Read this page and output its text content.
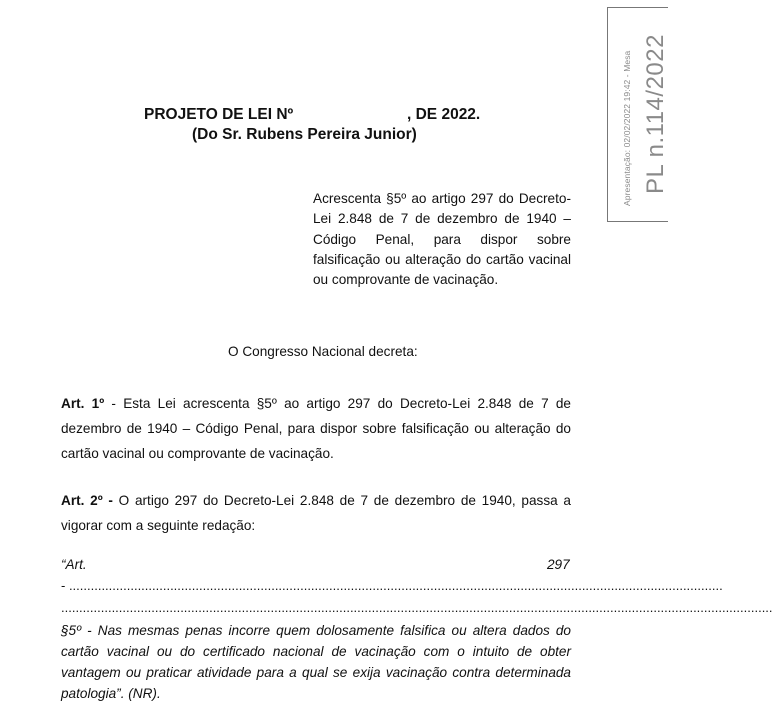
Apresentação: 02/02/2022 19:42 - Mesa PL n.114/2022
PROJETO DE LEI Nº	, DE 2022.
(Do Sr. Rubens Pereira Junior)

Acrescenta §5º ao artigo 297 do Decreto-Lei 2.848 de 7 de dezembro de 1940 – Código Penal, para dispor sobre falsificação ou alteração do cartão vacinal ou comprovante de vacinação.

O Congresso Nacional decreta:

Art. 1º - Esta Lei acrescenta §5º ao artigo 297 do Decreto-Lei 2.848 de 7 de dezembro de 1940 – Código Penal, para dispor sobre falsificação ou alteração do cartão vacinal ou comprovante de vacinação.

Art. 2º - O artigo 297 do Decreto-Lei 2.848 de 7 de dezembro de 1940, passa a vigorar com a seguinte redação:

“Art.	297
- .....................................................................................................................................................................................
.....................................................................................................................................................................................................

§5º - Nas mesmas penas incorre quem dolosamente falsifica ou altera dados do cartão vacinal ou do certificado nacional de vacinação com o intuito de obter vantagem ou praticar atividade para a qual se exija vacinação contra determinada patologia”. (NR).
